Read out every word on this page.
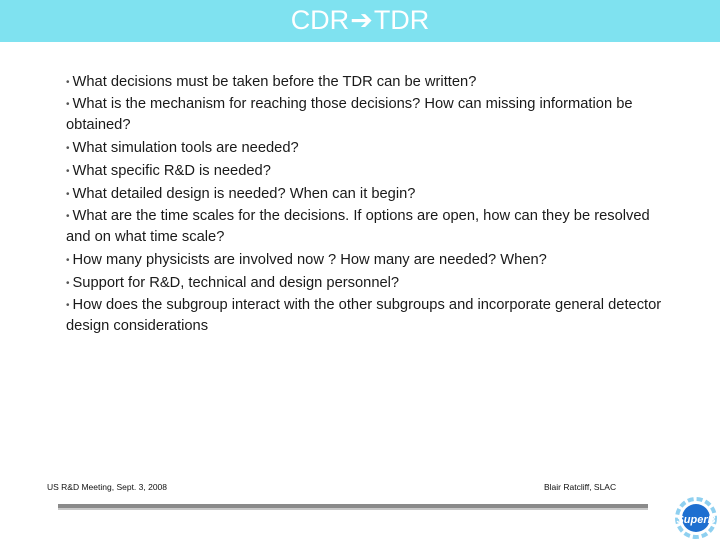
CDR➔TDR
• What decisions must be taken before the TDR can be written?
• What is the mechanism for reaching those decisions? How can missing information be obtained?
• What simulation tools are needed?
• What specific R&D is needed?
• What detailed design is needed? When can it begin?
• What are the time scales for the decisions. If options are open, how can they be resolved and on what time scale?
• How many physicists are involved now ? How many are needed? When?
• Support for R&D, technical and design personnel?
• How does the subgroup interact with the other subgroups and incorporate general detector design considerations
US R&D Meeting, Sept. 3, 2008	Blair Ratcliff, SLAC
SuperB
